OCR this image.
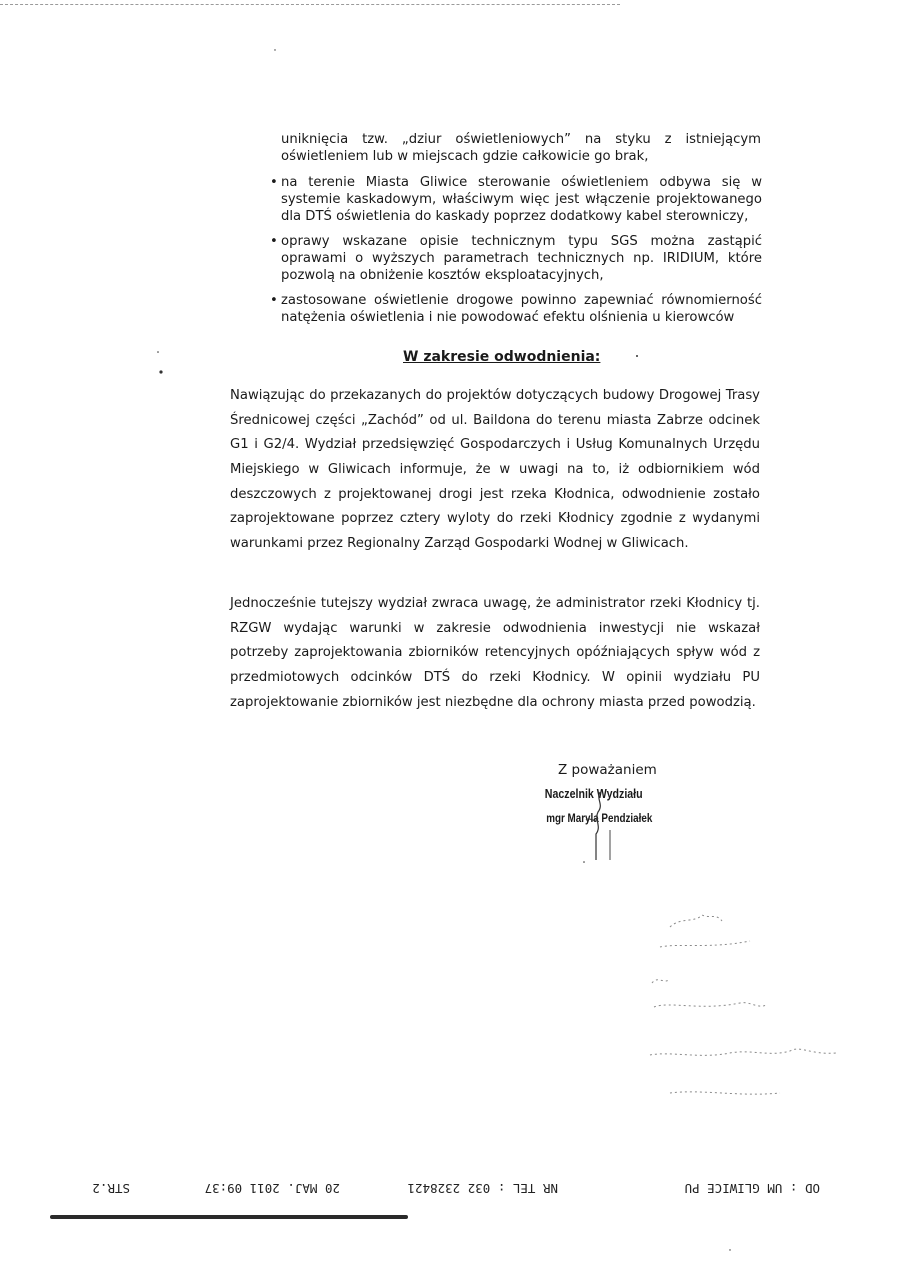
uniknięcia tzw. „dziur oświetleniowych” na styku z istniejącym oświetleniem lub w miejscach gdzie całkowicie go brak,
• na terenie Miasta Gliwice sterowanie oświetleniem odbywa się w systemie kaskadowym, właściwym więc jest włączenie projektowanego dla DTŚ oświetlenia do kaskady poprzez dodatkowy kabel sterowniczy,
• oprawy wskazane opisie technicznym typu SGS można zastąpić oprawami o wyższych parametrach technicznych np. IRIDIUM, które pozwolą na obniżenie kosztów eksploatacyjnych,
• zastosowane oświetlenie drogowe powinno zapewniać równomierność natężenia oświetlenia i nie powodować efektu olśnienia u kierowców
W zakresie odwodnienia:

Nawiązując do przekazanych do projektów dotyczących budowy Drogowej Trasy Średnicowej części „Zachód” od ul. Baildona do terenu miasta Zabrze odcinek G1 i G2/4. Wydział przedsięwzięć Gospodarczych i Usług Komunalnych Urzędu Miejskiego w Gliwicach informuje, że w uwagi na to, iż odbiornikiem wód deszczowych z projektowanej drogi jest rzeka Kłodnica, odwodnienie zostało zaprojektowane poprzez cztery wyloty do rzeki Kłodnicy zgodnie z wydanymi warunkami przez Regionalny Zarząd Gospodarki Wodnej w Gliwicach.

Jednocześnie tutejszy wydział zwraca uwagę, że administrator rzeki Kłodnicy tj. RZGW wydając warunki w zakresie odwodnienia inwestycji nie wskazał potrzeby zaprojektowania zbiorników retencyjnych opóźniających spływ wód z przedmiotowych odcinków DTŚ do rzeki Kłodnicy. W opinii wydziału PU zaprojektowanie zbiorników jest niezbędne dla ochrony miasta przed powodzią.

Z poważaniem
Naczelnik Wydziału
mgr Maryla Pendziałek
OD : UM GLIWICE PU
NR TEL : 032 2328421
20 MAJ. 2011 09:37
STR.2
